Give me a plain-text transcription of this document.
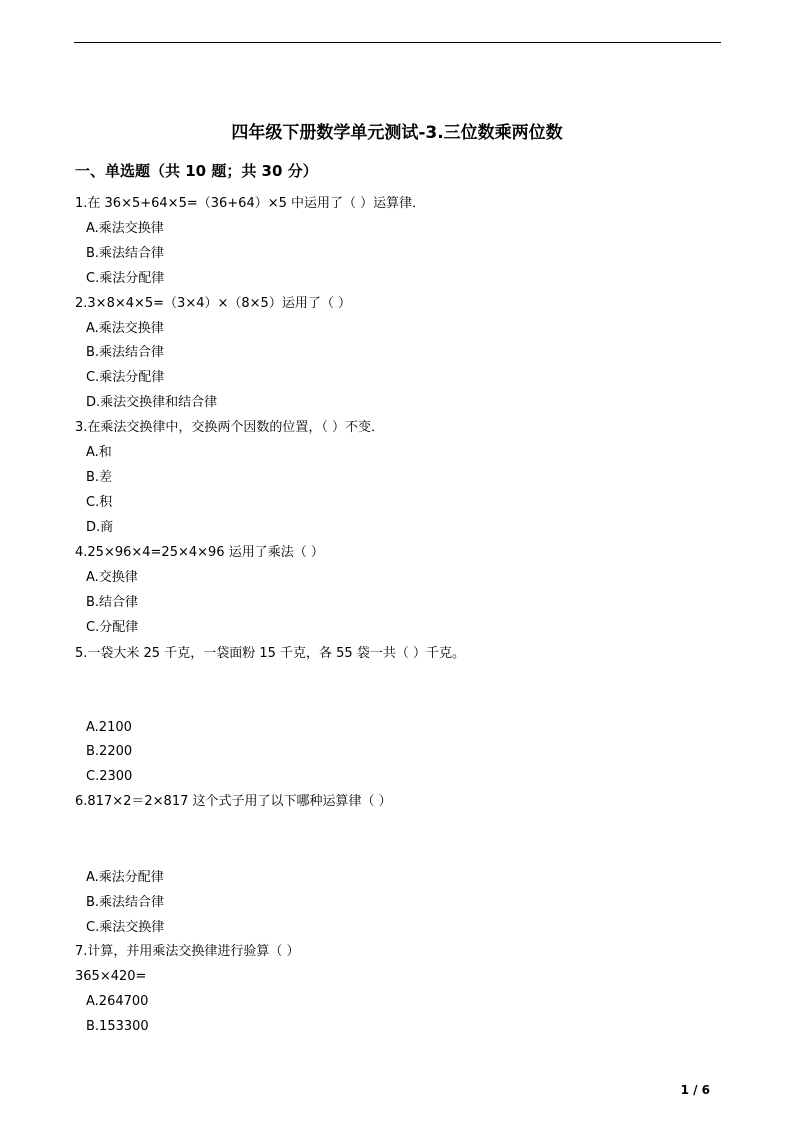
四年级下册数学单元测试-3.三位数乘两位数
一、单选题（共 10 题；共 30 分）
1.在 36×5+64×5=（36+64）×5 中运用了（ ）运算律．
A.乘法交换律
B.乘法结合律
C.乘法分配律
2.3×8×4×5=（3×4）×（8×5）运用了（ ）
A.乘法交换律
B.乘法结合律
C.乘法分配律
D.乘法交换律和结合律
3.在乘法交换律中，交换两个因数的位置，（ ）不变．
A.和
B.差
C.积
D.商
4.25×96×4=25×4×96 运用了乘法（ ）
A.交换律
B.结合律
C.分配律
5.一袋大米 25 千克，一袋面粉 15 千克，各 55 袋一共（ ）千克。
A.2100
B.2200
C.2300
6.817×2＝2×817 这个式子用了以下哪种运算律（ ）
A.乘法分配律
B.乘法结合律
C.乘法交换律
7.计算，并用乘法交换律进行验算（ ）
365×420=
A.264700
B.153300
1 / 6
